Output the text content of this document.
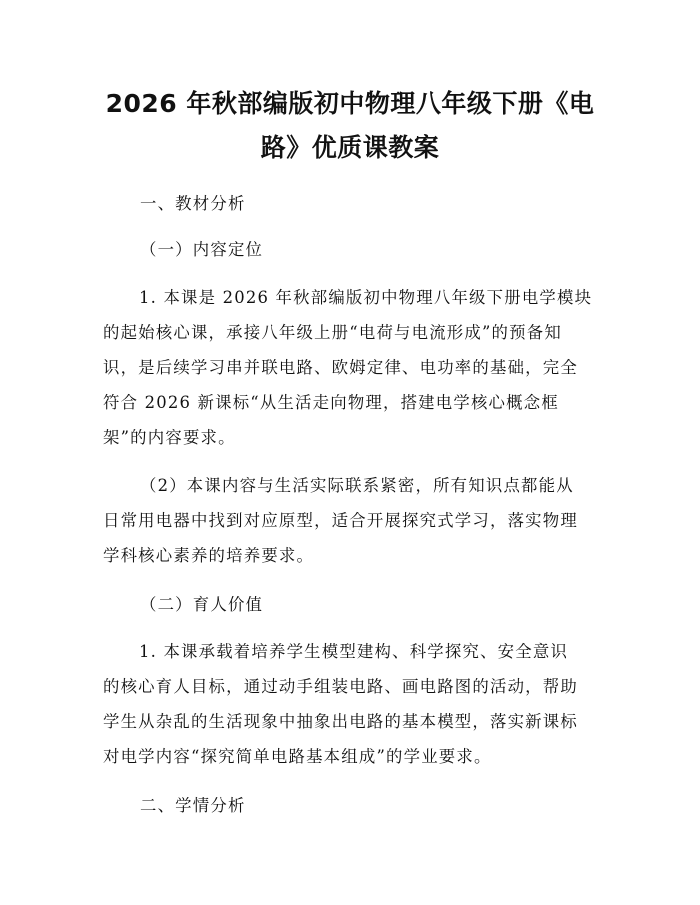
2026 年秋部编版初中物理八年级下册《电
路》优质课教案
一、教材分析
（一）内容定位
1. 本课是 2026 年秋部编版初中物理八年级下册电学模块
的起始核心课，承接八年级上册“电荷与电流形成”的预备知
识，是后续学习串并联电路、欧姆定律、电功率的基础，完全
符合 2026 新课标“从生活走向物理，搭建电学核心概念框
架”的内容要求。
（2）本课内容与生活实际联系紧密，所有知识点都能从
日常用电器中找到对应原型，适合开展探究式学习，落实物理
学科核心素养的培养要求。
（二）育人价值
1. 本课承载着培养学生模型建构、科学探究、安全意识
的核心育人目标，通过动手组装电路、画电路图的活动，帮助
学生从杂乱的生活现象中抽象出电路的基本模型，落实新课标
对电学内容“探究简单电路基本组成”的学业要求。
二、学情分析
